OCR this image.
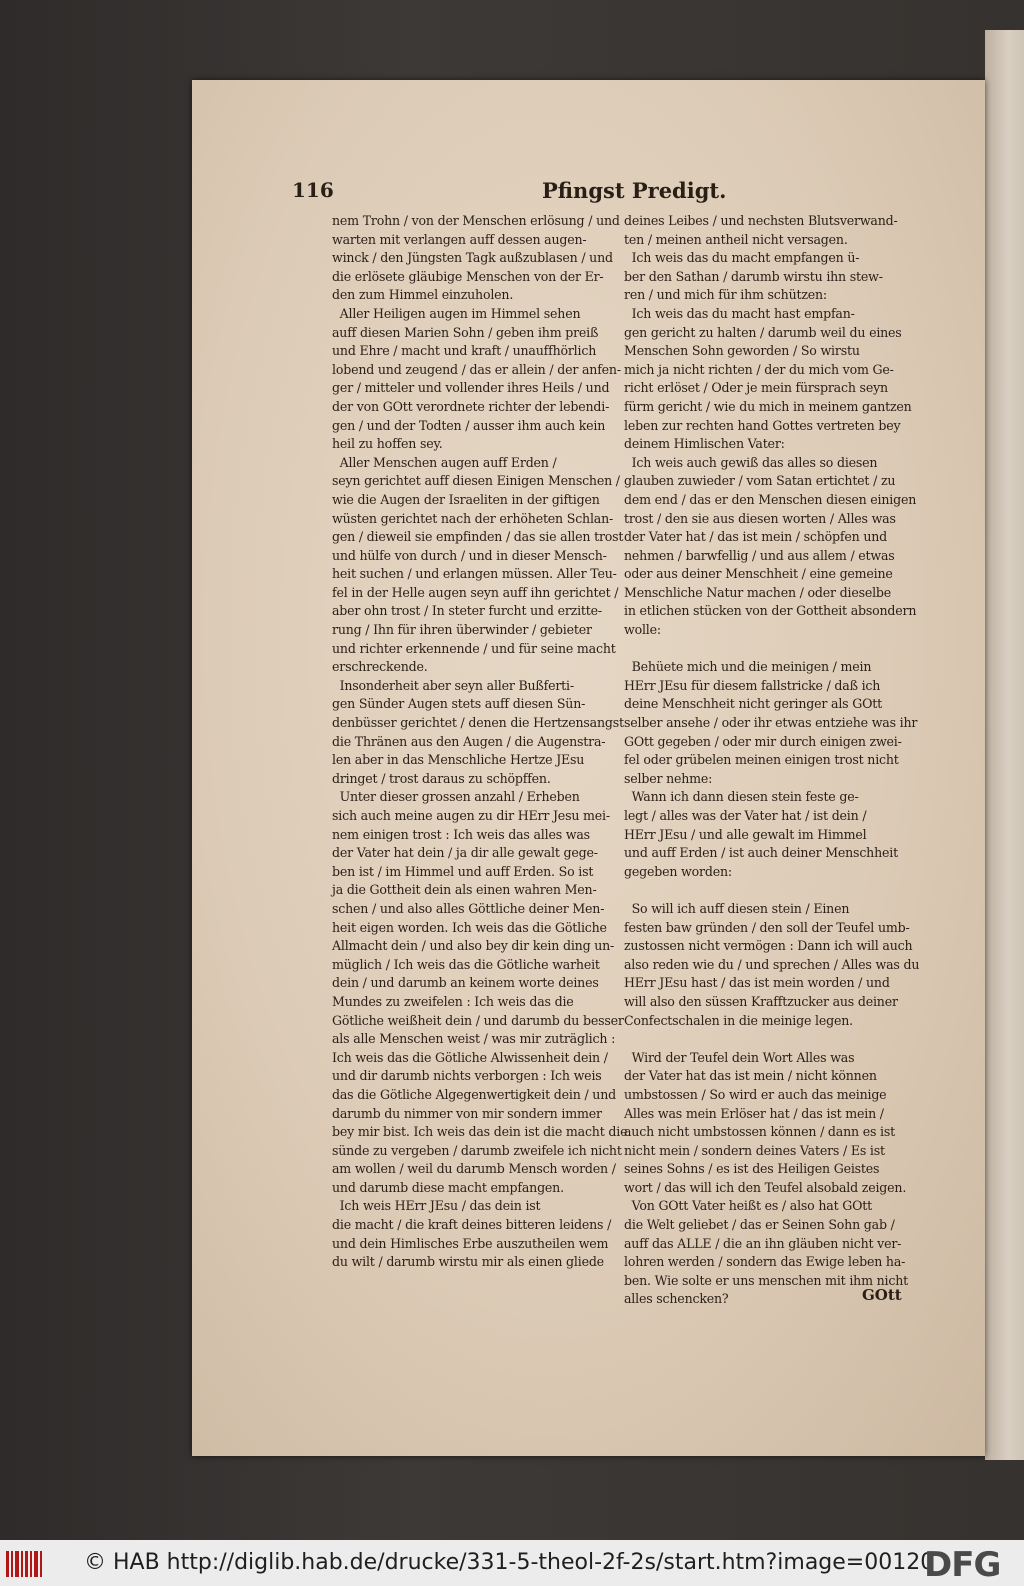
116	Pfingst Predigt.
nem Trohn / von der Menschen erlösung / und
warten mit verlangen auff dessen augen-
winck / den Jüngsten Tagk außzublasen / und
die erlösete gläubige Menschen von der Er-
den zum Himmel einzuholen.
Aller Heiligen augen im Himmel sehen
auff diesen Marien Sohn / geben ihm preiß
und Ehre / macht und kraft / unauffhörlich
lobend und zeugend / das er allein / der anfen-
ger / mitteler und vollender ihres Heils / und
der von GOtt verordnete richter der lebendi-
gen / und der Todten / ausser ihm auch kein
heil zu hoffen sey.
Aller Menschen augen auff Erden /
seyn gerichtet auff diesen Einigen Menschen /
wie die Augen der Israeliten in der giftigen
wüsten gerichtet nach der erhöheten Schlan-
gen / dieweil sie empfinden / das sie allen trost
und hülfe von durch / und in dieser Mensch-
heit suchen / und erlangen müssen. Aller Teu-
fel in der Helle augen seyn auff ihn gerichtet /
aber ohn trost / In steter furcht und erzitte-
rung / Ihn für ihren überwinder / gebieter
und richter erkennende / und für seine macht
erschreckende.
Insonderheit aber seyn aller Bußferti-
gen Sünder Augen stets auff diesen Sün-
denbüsser gerichtet / denen die Hertzensangst
die Thränen aus den Augen / die Augenstra-
len aber in das Menschliche Hertze JEsu
dringet / trost daraus zu schöpffen.
Unter dieser grossen anzahl / Erheben
sich auch meine augen zu dir HErr Jesu mei-
nem einigen trost : Ich weis das alles was
der Vater hat dein / ja dir alle gewalt gege-
ben ist / im Himmel und auff Erden. So ist
ja die Gottheit dein als einen wahren Men-
schen / und also alles Göttliche deiner Men-
heit eigen worden. Ich weis das die Götliche
Allmacht dein / und also bey dir kein ding un-
müglich / Ich weis das die Götliche warheit
dein / und darumb an keinem worte deines
Mundes zu zweifelen : Ich weis das die
Götliche weißheit dein / und darumb du besser
als alle Menschen weist / was mir zuträglich :
Ich weis das die Götliche Alwissenheit dein /
und dir darumb nichts verborgen : Ich weis
das die Götliche Algegenwertigkeit dein / und
darumb du nimmer von mir sondern immer
bey mir bist. Ich weis das dein ist die macht die
sünde zu vergeben / darumb zweifele ich nicht
am wollen / weil du darumb Mensch worden /
und darumb diese macht empfangen.
Ich weis HErr JEsu / das dein ist
die macht / die kraft deines bitteren leidens /
und dein Himlisches Erbe auszutheilen wem
du wilt / darumb wirstu mir als einen gliede
deines Leibes / und nechsten Blutsverwand-
ten / meinen antheil nicht versagen.
Ich weis das du macht empfangen ü-
ber den Sathan / darumb wirstu ihn stew-
ren / und mich für ihm schützen:
Ich weis das du macht hast empfan-
gen gericht zu halten / darumb weil du eines
Menschen Sohn geworden / So wirstu
mich ja nicht richten / der du mich vom Ge-
richt erlöset / Oder je mein fürsprach seyn
fürm gericht / wie du mich in meinem gantzen
leben zur rechten hand Gottes vertreten bey
deinem Himlischen Vater:
Ich weis auch gewiß das alles so diesen
glauben zuwieder / vom Satan ertichtet / zu
dem end / das er den Menschen diesen einigen
trost / den sie aus diesen worten / Alles was
der Vater hat / das ist mein / schöpfen und
nehmen / barwfellig / und aus allem / etwas
oder aus deiner Menschheit / eine gemeine
Menschliche Natur machen / oder dieselbe
in etlichen stücken von der Gottheit absondern
wolle:

Behüete mich und die meinigen / mein
HErr JEsu für diesem fallstricke / daß ich
deine Menschheit nicht geringer als GOtt
selber ansehe / oder ihr etwas entziehe was ihr
GOtt gegeben / oder mir durch einigen zwei-
fel oder grübelen meinen einigen trost nicht
selber nehme:
Wann ich dann diesen stein feste ge-
legt / alles was der Vater hat / ist dein /
HErr JEsu / und alle gewalt im Himmel
und auff Erden / ist auch deiner Menschheit
gegeben worden:

So will ich auff diesen stein / Einen
festen baw gründen / den soll der Teufel umb-
zustossen nicht vermögen : Dann ich will auch
also reden wie du / und sprechen / Alles was du
HErr JEsu hast / das ist mein worden / und
will also den süssen Krafftzucker aus deiner
Confectschalen in die meinige legen.

Wird der Teufel dein Wort Alles was
der Vater hat das ist mein / nicht können
umbstossen / So wird er auch das meinige
Alles was mein Erlöser hat / das ist mein /
auch nicht umbstossen können / dann es ist
nicht mein / sondern deines Vaters / Es ist
seines Sohns / es ist des Heiligen Geistes
wort / das will ich den Teufel alsobald zeigen.
Von GOtt Vater heißt es / also hat GOtt
die Welt geliebet / das er Seinen Sohn gab /
auff das ALLE / die an ihn gläuben nicht ver-
lohren werden / sondern das Ewige leben ha-
ben. Wie solte er uns menschen mit ihm nicht
alles schencken?	GOtt
© HAB http://diglib.hab.de/drucke/331-5-theol-2f-2s/start.htm?image=00120
DFG
